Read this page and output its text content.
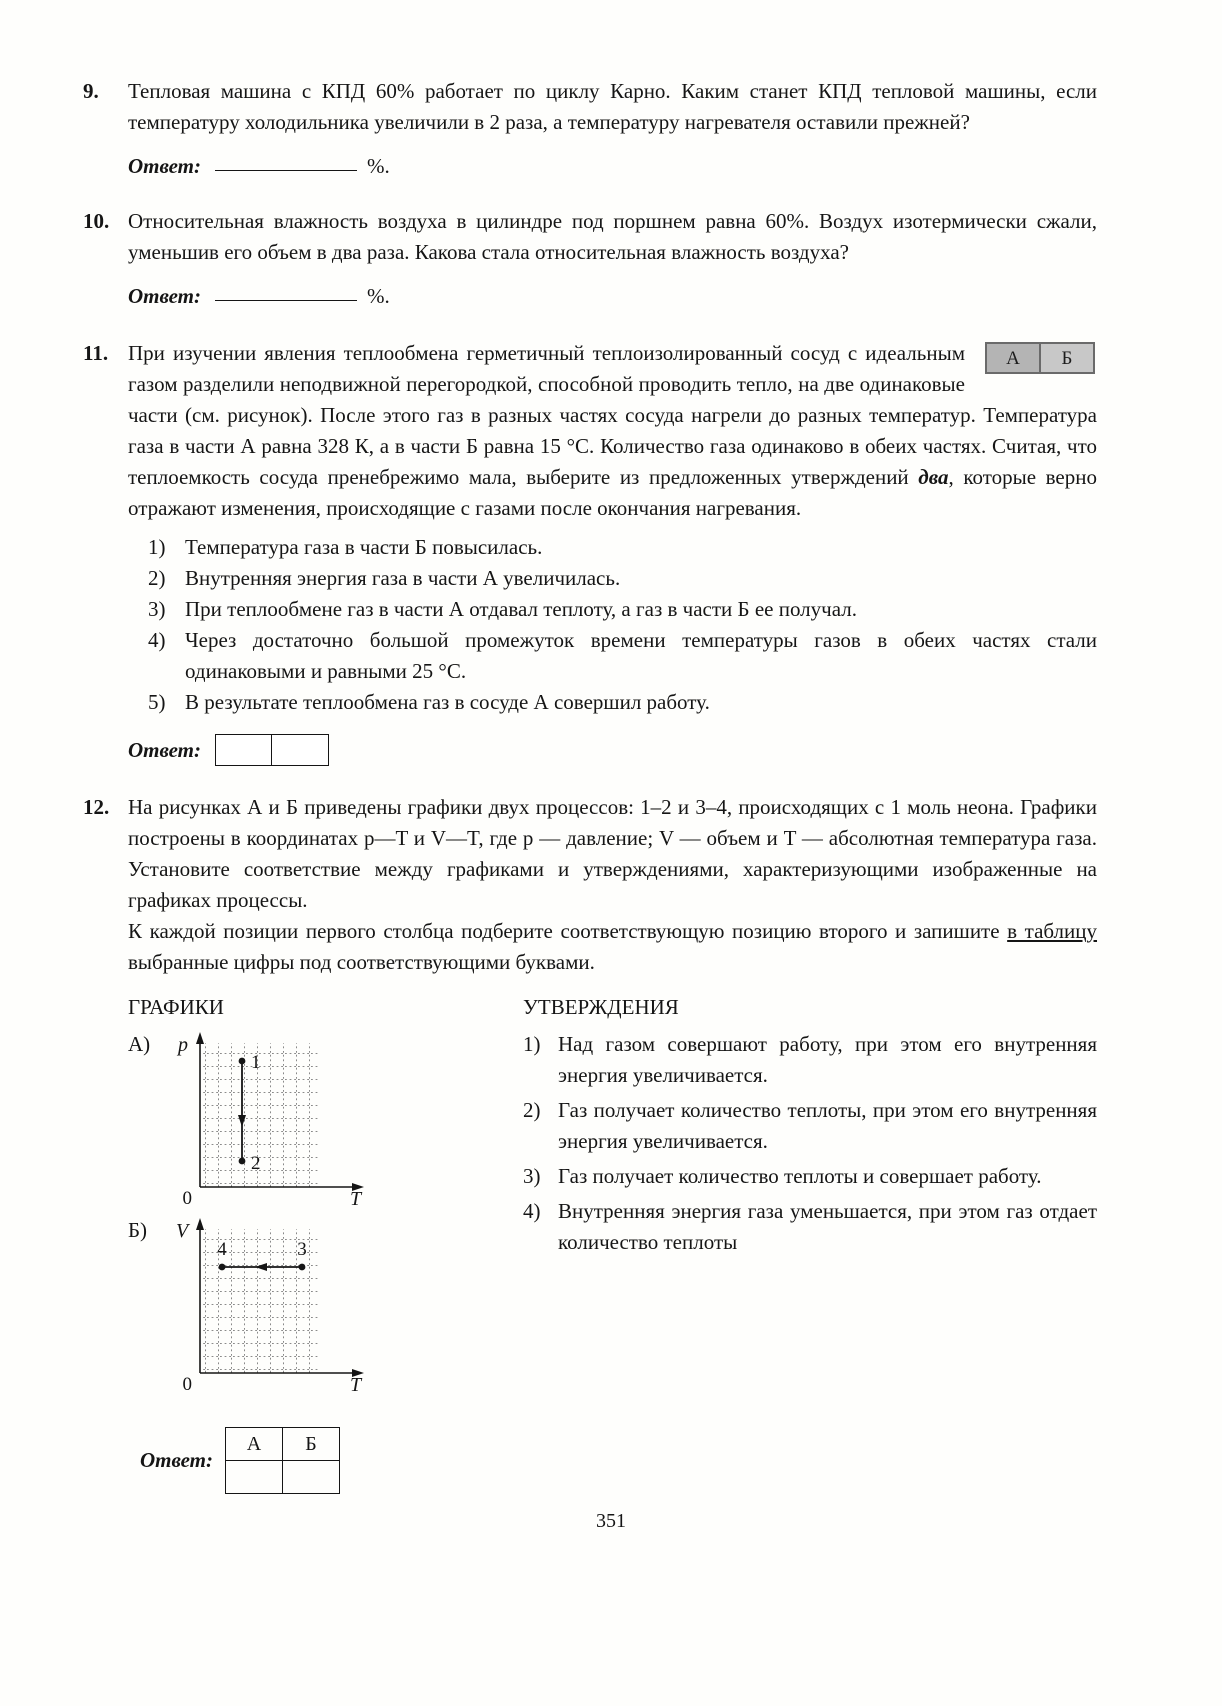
9.	Тепловая машина с КПД 60% работает по циклу Карно. Каким станет КПД тепловой машины, если температуру холодильника увеличили в 2 раза, а температуру нагревателя оставили прежней?
Ответ:	%.
10. Относительная влажность воздуха в цилиндре под поршнем равна 60%. Воздух изотермически сжали, уменьшив его объем в два раза. Какова стала относительная влажность воздуха?
Ответ:	%.
11.	А	Б
При изучении явления теплообмена герметичный теплоизолированный сосуд с идеальным газом разделили неподвижной перегородкой, способной проводить тепло, на две одинаковые части (см. рисунок). После этого газ в разных частях сосуда нагрели до разных температур. Температура газа в части А равна 328 К, а в части Б равна 15 °С. Количество газа одинаково в обеих частях. Считая, что теплоемкость сосуда пренебрежимо мала, выберите из предложенных утверждений два, которые верно отражают изменения, происходящие с газами после окончания нагревания.
1) Температура газа в части Б повысилась.
2) Внутренняя энергия газа в части А увеличилась.
3) При теплообмене газ в части А отдавал теплоту, а газ в части Б ее получал.
4) Через достаточно большой промежуток времени температуры газов в обеих частях стали одинаковыми и равными 25 °С.
5) В результате теплообмена газ в сосуде А совершил работу.
Ответ:
12. На рисунках А и Б приведены графики двух процессов: 1–2 и 3–4, происходящих с 1 моль неона. Графики построены в координатах p—T и V—T, где p — давление; V — объем и T — абсолютная температура газа. Установите соответствие между графиками и утверждениями, характеризующими изображенные на графиках процессы.
К каждой позиции первого столбца подберите соответствующую позицию второго и запишите в таблицу выбранные цифры под соответствующими буквами.
ГРАФИКИ
А)	p
1
2
0	T
Б)	V
4	3
0	T
УТВЕРЖДЕНИЯ
1) Над газом совершают работу, при этом его внутренняя энергия увеличивается.
2) Газ получает количество теплоты, при этом его внутренняя энергия увеличивается.
3) Газ получает количество теплоты и совершает работу.
4) Внутренняя энергия газа уменьшается, при этом газ отдает количество теплоты
Ответ:
А	Б

351
